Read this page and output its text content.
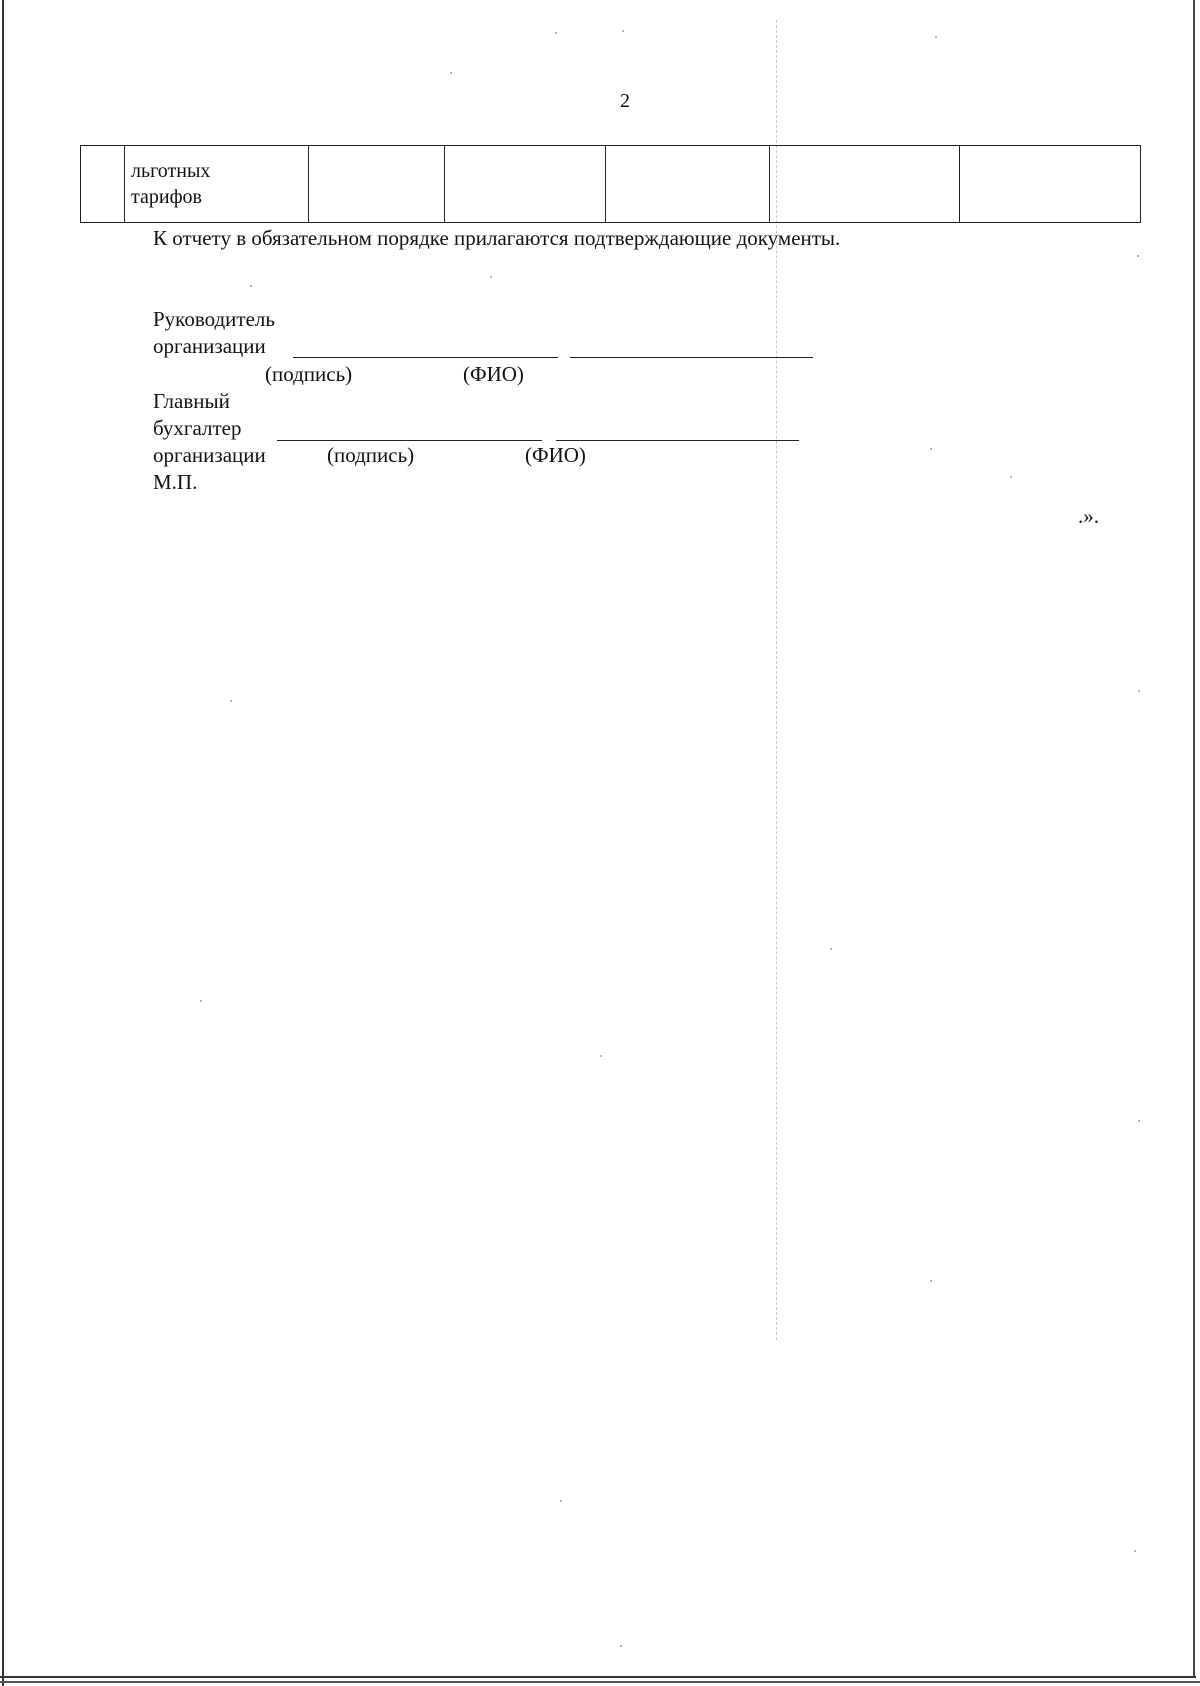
2

льготных
тарифов

К отчету в обязательном порядке прилагаются подтверждающие документы.
Руководитель
организации
(подпись)	(ФИО)
Главный
бухгалтер
организации	(подпись)	(ФИО)
М.П.
.».
